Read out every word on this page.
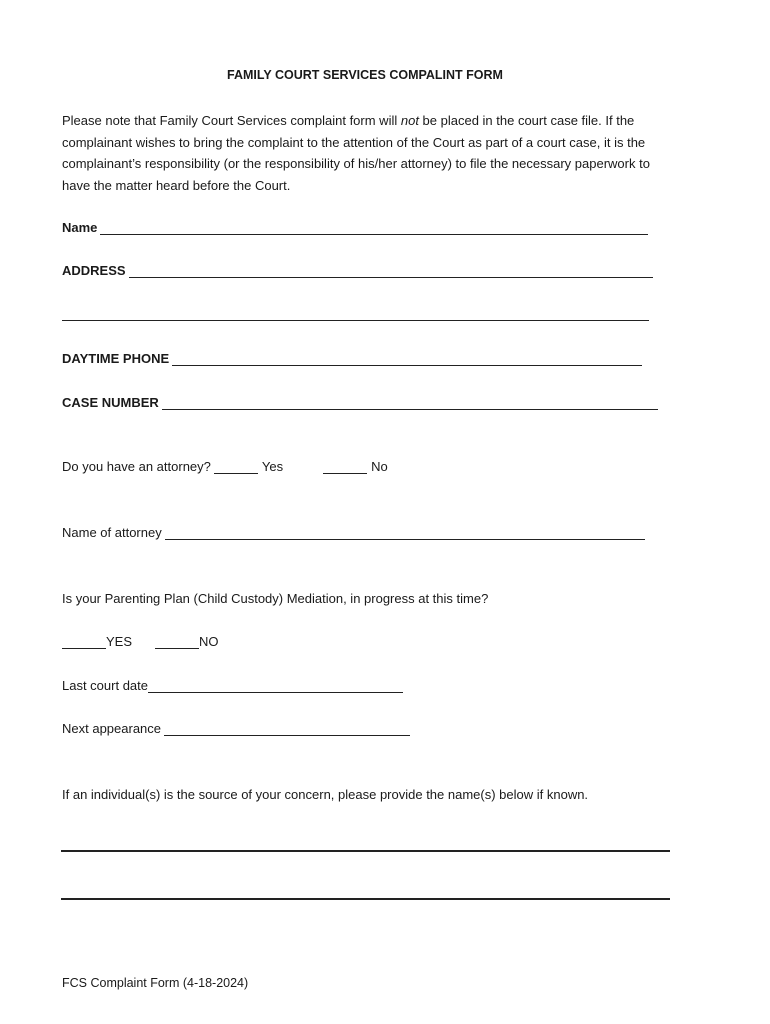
FAMILY COURT SERVICES COMPALINT FORM
Please note that Family Court Services complaint form will not be placed in the court case file. If the complainant wishes to bring the complaint to the attention of the Court as part of a court case, it is the complainant’s responsibility (or the responsibility of his/her attorney) to file the necessary paperwork to have the matter heard before the Court.
Name
ADDRESS
DAYTIME PHONE
CASE NUMBER
Do you have an attorney?	Yes	No
Name of attorney
Is your Parenting Plan (Child Custody) Mediation, in progress at this time?
YES	NO
Last court date
Next appearance
If an individual(s) is the source of your concern, please provide the name(s) below if known.
FCS Complaint Form (4-18-2024)
